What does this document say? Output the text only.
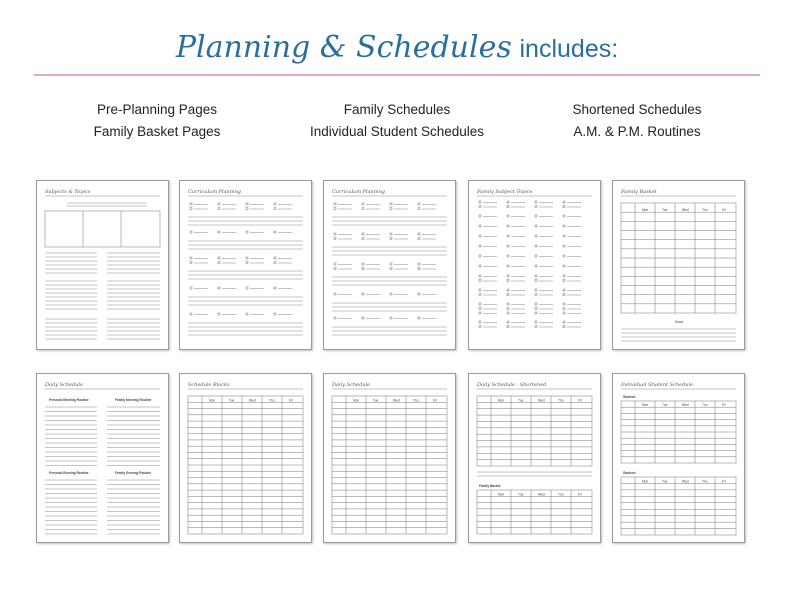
Planning & Schedules includes:
Pre-Planning Pages
Family Basket Pages
Family Schedules
Individual Student Schedules
Shortened Schedules
A.M. & P.M. Routines
Subjects & Topics	Curriculum Planning	Curriculum Planning	Family Subject Topics	Family Basket
Mon	Tue	Wed	Thu	Fri
Notes
Daily Schedule
Personal Morning Routine	Family Morning Routine
Personal Evening Routine	Family Evening Routine
Schedule Blocks
Mon	Tue	Wed	Thu	Fri
Daily Schedule
Mon	Tue	Wed	Thu	Fri
Daily Schedule - Shortened
Mon	Tue	Wed	Thu	Fri
Family Basket
Mon	Tue	Wed	Thu	Fri
Individual Student Schedule
Student:
Mon	Tue	Wed	Thu	Fri
Student:
Mon	Tue	Wed	Thu	Fri
